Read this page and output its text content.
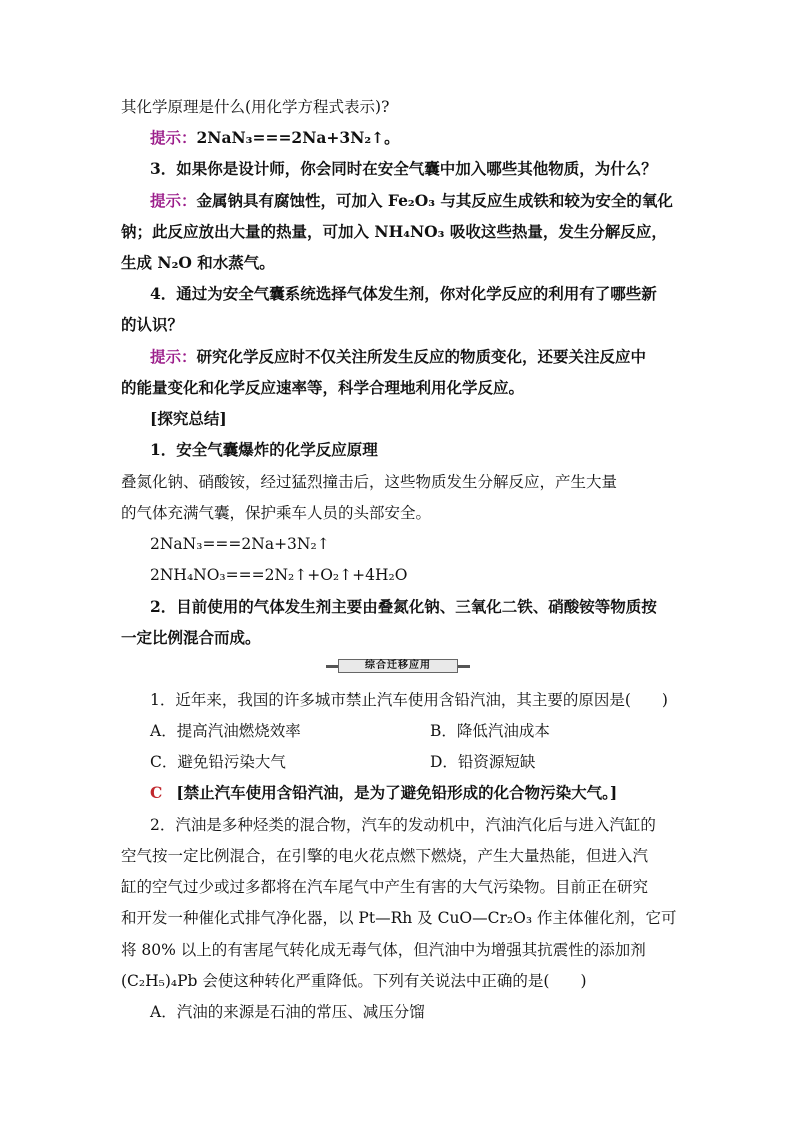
其化学原理是什么(用化学方程式表示)?
提示：2NaN₃===2Na+3N₂↑。
3．如果你是设计师，你会同时在安全气囊中加入哪些其他物质，为什么？
提示：金属钠具有腐蚀性，可加入 Fe₂O₃ 与其反应生成铁和较为安全的氧化
钠；此反应放出大量的热量，可加入 NH₄NO₃ 吸收这些热量，发生分解反应，
生成 N₂O 和水蒸气。
4．通过为安全气囊系统选择气体发生剂，你对化学反应的利用有了哪些新
的认识？
提示：研究化学反应时不仅关注所发生反应的物质变化，还要关注反应中
的能量变化和化学反应速率等，科学合理地利用化学反应。
[探究总结]
1．安全气囊爆炸的化学反应原理
叠氮化钠、硝酸铵，经过猛烈撞击后，这些物质发生分解反应，产生大量
的气体充满气囊，保护乘车人员的头部安全。
2NaN₃===2Na+3N₂↑
2NH₄NO₃===2N₂↑+O₂↑+4H₂O
2．目前使用的气体发生剂主要由叠氮化钠、三氧化二铁、硝酸铵等物质按
一定比例混合而成。
综合迁移应用
1．近年来，我国的许多城市禁止汽车使用含铅汽油，其主要的原因是(　　)
A．提高汽油燃烧效率	B．降低汽油成本
C．避免铅污染大气	D．铅资源短缺
C [禁止汽车使用含铅汽油，是为了避免铅形成的化合物污染大气。]
2．汽油是多种烃类的混合物，汽车的发动机中，汽油汽化后与进入汽缸的
空气按一定比例混合，在引擎的电火花点燃下燃烧，产生大量热能，但进入汽
缸的空气过少或过多都将在汽车尾气中产生有害的大气污染物。目前正在研究
和开发一种催化式排气净化器，以 Pt—Rh 及 CuO—Cr₂O₃ 作主体催化剂，它可
将 80% 以上的有害尾气转化成无毒气体，但汽油中为增强其抗震性的添加剂
(C₂H₅)₄Pb 会使这种转化严重降低。下列有关说法中正确的是(　　)
A．汽油的来源是石油的常压、减压分馏
